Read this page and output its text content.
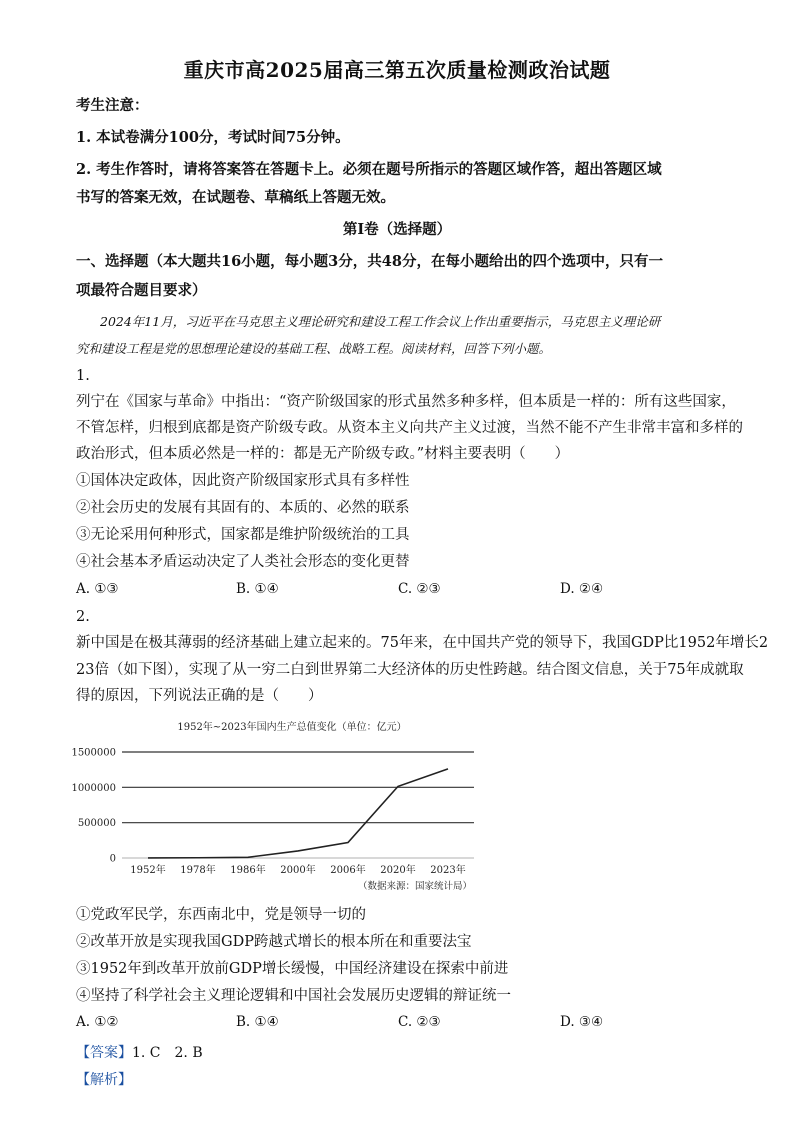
重庆市高2025届高三第五次质量检测政治试题
考生注意：
1. 本试卷满分100分，考试时间75分钟。
2. 考生作答时，请将答案答在答题卡上。必须在题号所指示的答题区域作答，超出答题区域
书写的答案无效，在试题卷、草稿纸上答题无效。
第Ⅰ卷（选择题）
一、选择题（本大题共16小题，每小题3分，共48分，在每小题给出的四个选项中，只有一
项最符合题目要求）
2024年11月，习近平在马克思主义理论研究和建设工程工作会议上作出重要指示，马克思主义理论研
究和建设工程是党的思想理论建设的基础工程、战略工程。阅读材料，回答下列小题。
1.
列宁在《国家与革命》中指出：“资产阶级国家的形式虽然多种多样，但本质是一样的：所有这些国家，
不管怎样，归根到底都是资产阶级专政。从资本主义向共产主义过渡，当然不能不产生非常丰富和多样的
政治形式，但本质必然是一样的：都是无产阶级专政。”材料主要表明（　　）
①国体决定政体，因此资产阶级国家形式具有多样性
②社会历史的发展有其固有的、本质的、必然的联系
③无论采用何种形式，国家都是维护阶级统治的工具
④社会基本矛盾运动决定了人类社会形态的变化更替
A. ①③	B. ①④	C. ②③	D. ②④
2.
新中国是在极其薄弱的经济基础上建立起来的。75年来，在中国共产党的领导下，我国GDP比1952年增长2
23倍（如下图），实现了从一穷二白到世界第二大经济体的历史性跨越。结合图文信息，关于75年成就取
得的原因，下列说法正确的是（　　）
1952年~2023年国内生产总值变化（单位：亿元）
0
500000
1000000
1500000
1952年 1978年 1986年 2000年 2006年 2020年 2023年
（数据来源：国家统计局）
①党政军民学，东西南北中，党是领导一切的
②改革开放是实现我国GDP跨越式增长的根本所在和重要法宝
③1952年到改革开放前GDP增长缓慢，中国经济建设在探索中前进
④坚持了科学社会主义理论逻辑和中国社会发展历史逻辑的辩证统一
A. ①②	B. ①④	C. ②③	D. ③④
【答案】1. C　2. B
【解析】
